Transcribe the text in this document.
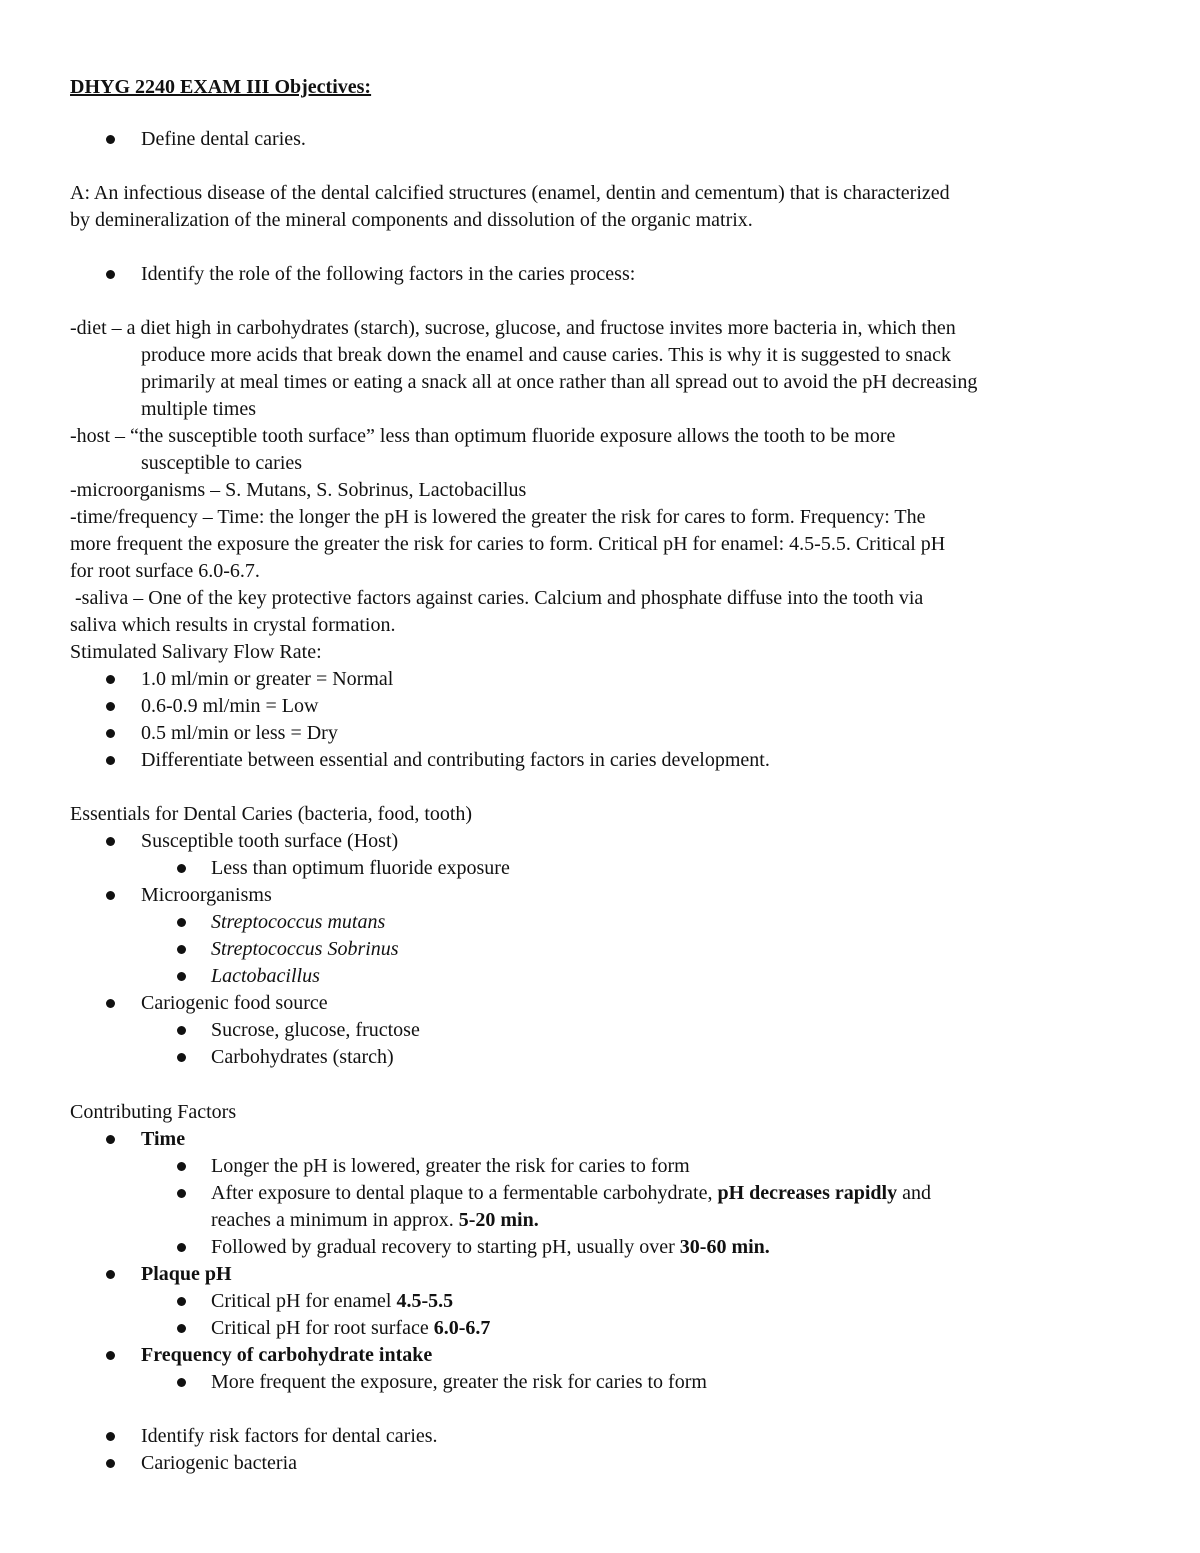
DHYG 2240 EXAM III Objectives:
Define dental caries.
A: An infectious disease of the dental calcified structures (enamel, dentin and cementum) that is characterized
by demineralization of the mineral components and dissolution of the organic matrix.
Identify the role of the following factors in the caries process:
-diet – a diet high in carbohydrates (starch), sucrose, glucose, and fructose invites more bacteria in, which then
produce more acids that break down the enamel and cause caries. This is why it is suggested to snack
primarily at meal times or eating a snack all at once rather than all spread out to avoid the pH decreasing
multiple times
-host – “the susceptible tooth surface” less than optimum fluoride exposure allows the tooth to be more
susceptible to caries
-microorganisms – S. Mutans, S. Sobrinus, Lactobacillus
-time/frequency – Time: the longer the pH is lowered the greater the risk for cares to form. Frequency: The
more frequent the exposure the greater the risk for caries to form. Critical pH for enamel: 4.5-5.5. Critical pH
for root surface 6.0-6.7.
-saliva – One of the key protective factors against caries. Calcium and phosphate diffuse into the tooth via
saliva which results in crystal formation.
Stimulated Salivary Flow Rate:
1.0 ml/min or greater = Normal
0.6-0.9 ml/min = Low
0.5 ml/min or less = Dry
Differentiate between essential and contributing factors in caries development.
Essentials for Dental Caries (bacteria, food, tooth)
Susceptible tooth surface (Host)
Less than optimum fluoride exposure
Microorganisms
Streptococcus mutans
Streptococcus Sobrinus
Lactobacillus
Cariogenic food source
Sucrose, glucose, fructose
Carbohydrates (starch)
Contributing Factors
Time
Longer the pH is lowered, greater the risk for caries to form
After exposure to dental plaque to a fermentable carbohydrate, pH decreases rapidly and
reaches a minimum in approx. 5-20 min.
Followed by gradual recovery to starting pH, usually over 30-60 min.
Plaque pH
Critical pH for enamel 4.5-5.5
Critical pH for root surface 6.0-6.7
Frequency of carbohydrate intake
More frequent the exposure, greater the risk for caries to form
Identify risk factors for dental caries.
Cariogenic bacteria
